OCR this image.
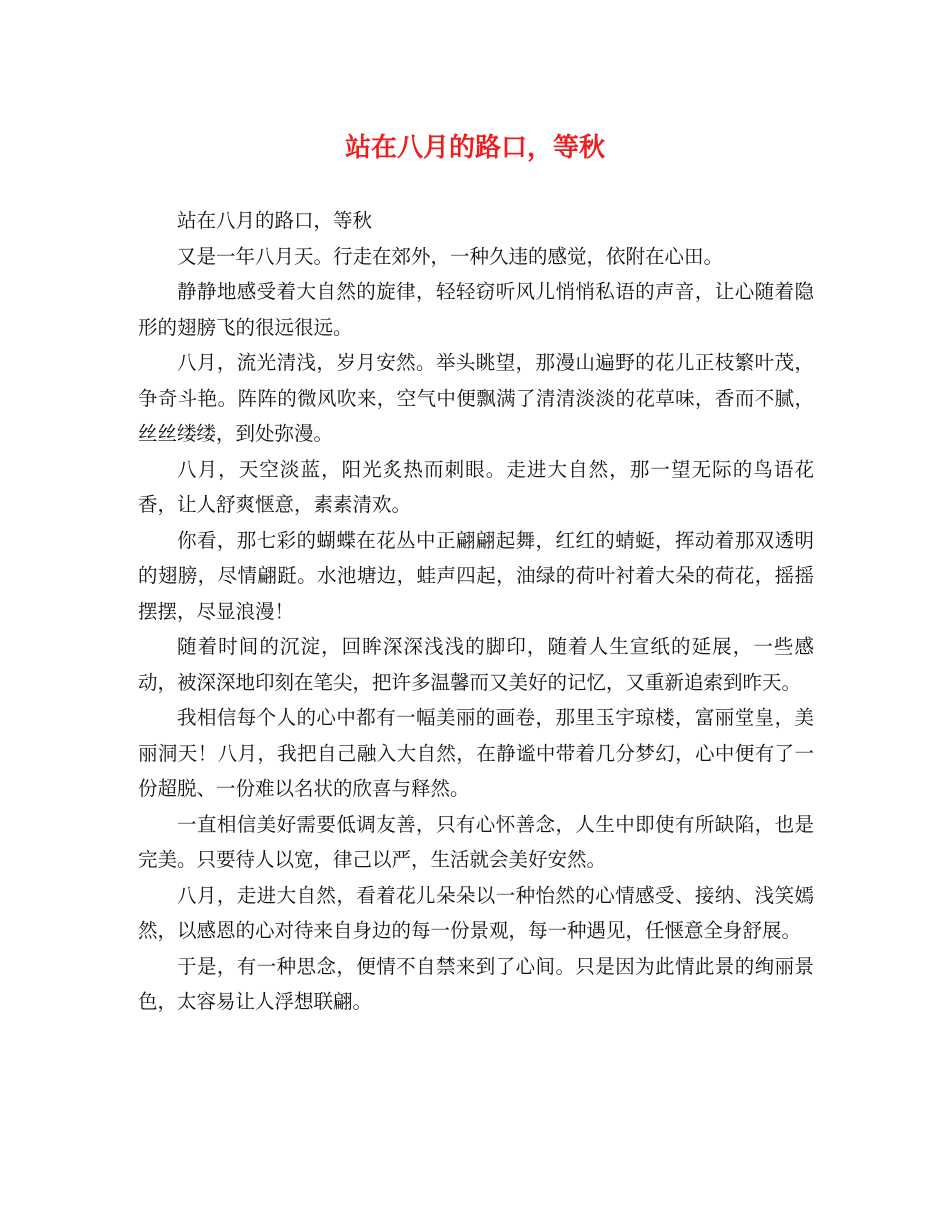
站在八月的路口，等秋

站在八月的路口，等秋

又是一年八月天。行走在郊外，一种久违的感觉，依附在心田。

静静地感受着大自然的旋律，轻轻窃听风儿悄悄私语的声音，让心随着隐形的翅膀飞的很远很远。

八月，流光清浅，岁月安然。举头眺望，那漫山遍野的花儿正枝繁叶茂，争奇斗艳。阵阵的微风吹来，空气中便飘满了清清淡淡的花草味，香而不腻，丝丝缕缕，到处弥漫。

八月，天空淡蓝，阳光炙热而刺眼。走进大自然，那一望无际的鸟语花香，让人舒爽惬意，素素清欢。

你看，那七彩的蝴蝶在花丛中正翩翩起舞，红红的蜻蜓，挥动着那双透明的翅膀，尽情翩跹。水池塘边，蛙声四起，油绿的荷叶衬着大朵的荷花，摇摇摆摆，尽显浪漫！

随着时间的沉淀，回眸深深浅浅的脚印，随着人生宣纸的延展，一些感动，被深深地印刻在笔尖，把许多温馨而又美好的记忆，又重新追索到昨天。

我相信每个人的心中都有一幅美丽的画卷，那里玉宇琼楼，富丽堂皇，美丽洞天！八月，我把自己融入大自然，在静谧中带着几分梦幻，心中便有了一份超脱、一份难以名状的欣喜与释然。

一直相信美好需要低调友善，只有心怀善念，人生中即使有所缺陷，也是完美。只要待人以宽，律己以严，生活就会美好安然。

八月，走进大自然，看着花儿朵朵以一种怡然的心情感受、接纳、浅笑嫣然，以感恩的心对待来自身边的每一份景观，每一种遇见，任惬意全身舒展。

于是，有一种思念，便情不自禁来到了心间。只是因为此情此景的绚丽景色，太容易让人浮想联翩。
